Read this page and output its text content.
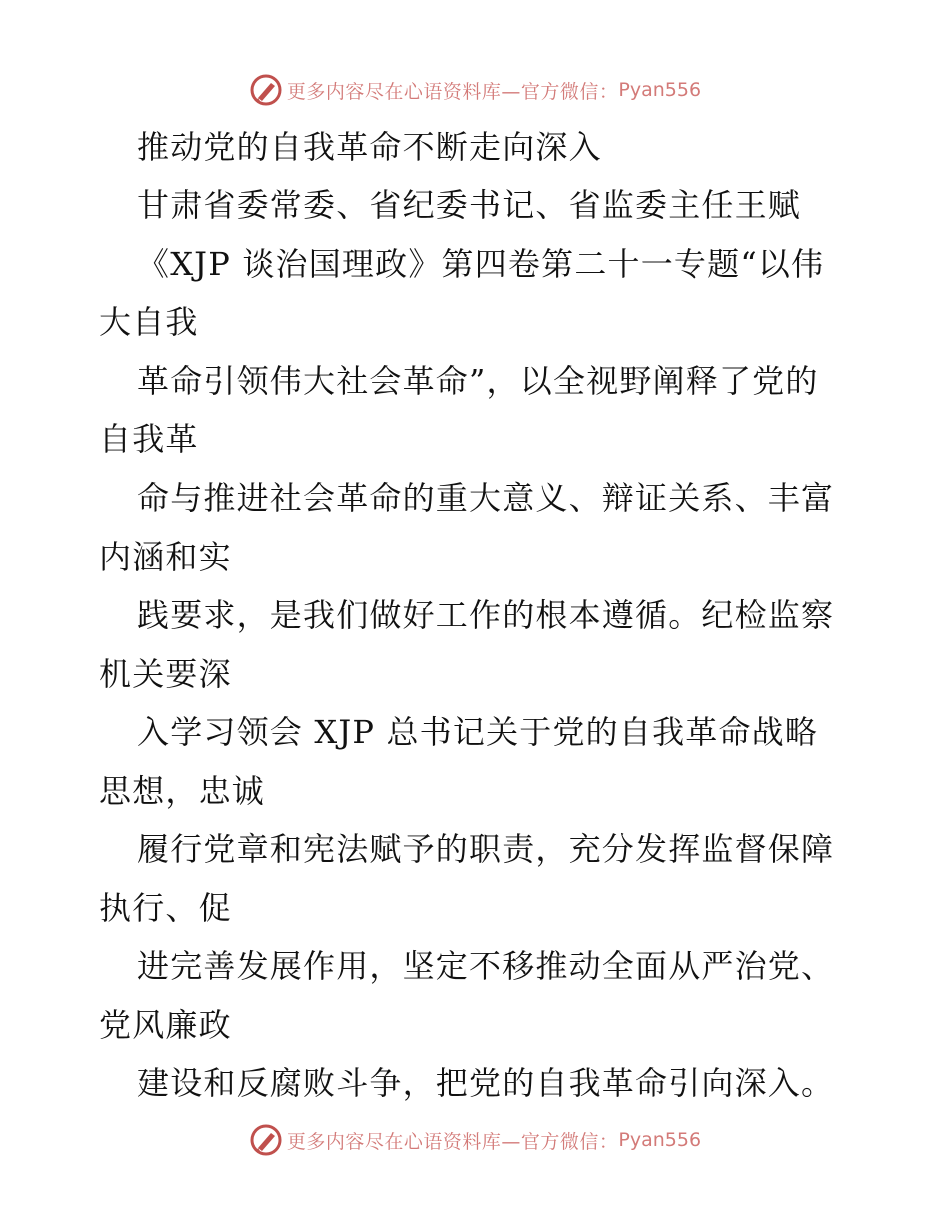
更多内容尽在心语资料库—官方微信： Pyan556
推动党的自我革命不断走向深入
甘肃省委常委、省纪委书记、省监委主任王赋
《XJP 谈治国理政》第四卷第二十一专题“以伟
大自我
革命引领伟大社会革命”，以全视野阐释了党的
自我革
命与推进社会革命的重大意义、辩证关系、丰富
内涵和实
践要求，是我们做好工作的根本遵循。纪检监察
机关要深
入学习领会 XJP 总书记关于党的自我革命战略
思想，忠诚
履行党章和宪法赋予的职责，充分发挥监督保障
执行、促
进完善发展作用，坚定不移推动全面从严治党、
党风廉政
建设和反腐败斗争，把党的自我革命引向深入。
更多内容尽在心语资料库—官方微信： Pyan556
